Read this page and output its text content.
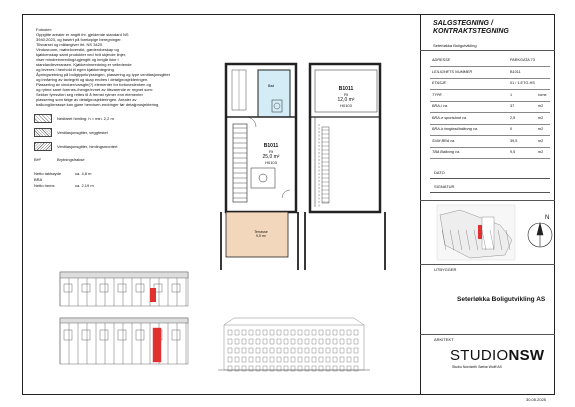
Fotnoter:
Oppgitte arealer er angitt iht. gjeldende standard NS
3940:2023, og basert på foreløpige beregninger.
Tilsvarsel og målangiver iht. NS 3420.
Vindusroom, møbeloversikt, garderobeskap og
kjøkkenskap samt produkter ved hvit skjevde linjer,
viser mindreinnreding/ugjengitt og inngår ikke i
standardleveransen. Kjøkkeninnredning er veiledende
og leveres i henhold til egen kjøkkentegning.
Åpningsretning på boligtypekryssingen, plassering og type ventilasjonsgitter
og innføring av tavlegritt og skap endres i detaljprosjekteringen.
Plassering av vinduer/varsgte(?) elementer for fortoneslenken og
og rytme samt forenes-/henge/evnet av tilsvarende er regnet som:
Sekker fyrrsvilen seg rettes til å fremst rytmer enn elementer
plassering som følge av detaljprosjekteringen. Arealer av
balkong/terrasse kan gjøre henvisen-endringer før detaljprosjektering.
Nedfaret himling: h = min. 2,2 m
Ventilasjonsgitter, veggfestet
Ventilasjonsgitter, himlingsmontert
BH²	Brytningsfrakse
Netto takhøyde	ca. 4,8 m
BRA
Netto hems	ca. 2,19 m
B1011
Rt
25,0 m²
H0103
B1011
Rt
12,0 m²
H0103
Terrasse
9,5 m²
Bad
SALGSTEGNING / KONTRAKTSTEGNING
Seterløkka Boligutvikling
ADRESSE	PARKGATA 73
LEILIGHETS NUMMER	B1011
ETASJE	01 / 1.ETG-HS
TYPE	1	rome
BRA-i ca.	37	m2
BRA-e sportsbod ca.	2,5	m2
BRA-b inngløst/balkong ca.	0	m2
SUM BRA ca.	39,5	m2
TBA Balkong ca.	9,5	m2
DATO
SIGNATUR
N
UTBYGGER
Seterløkka Boligutvikling AS
ARKITEKT
STUDIONSW
Studio Nordseth Sæbø Wolff AS
30.05.2025
